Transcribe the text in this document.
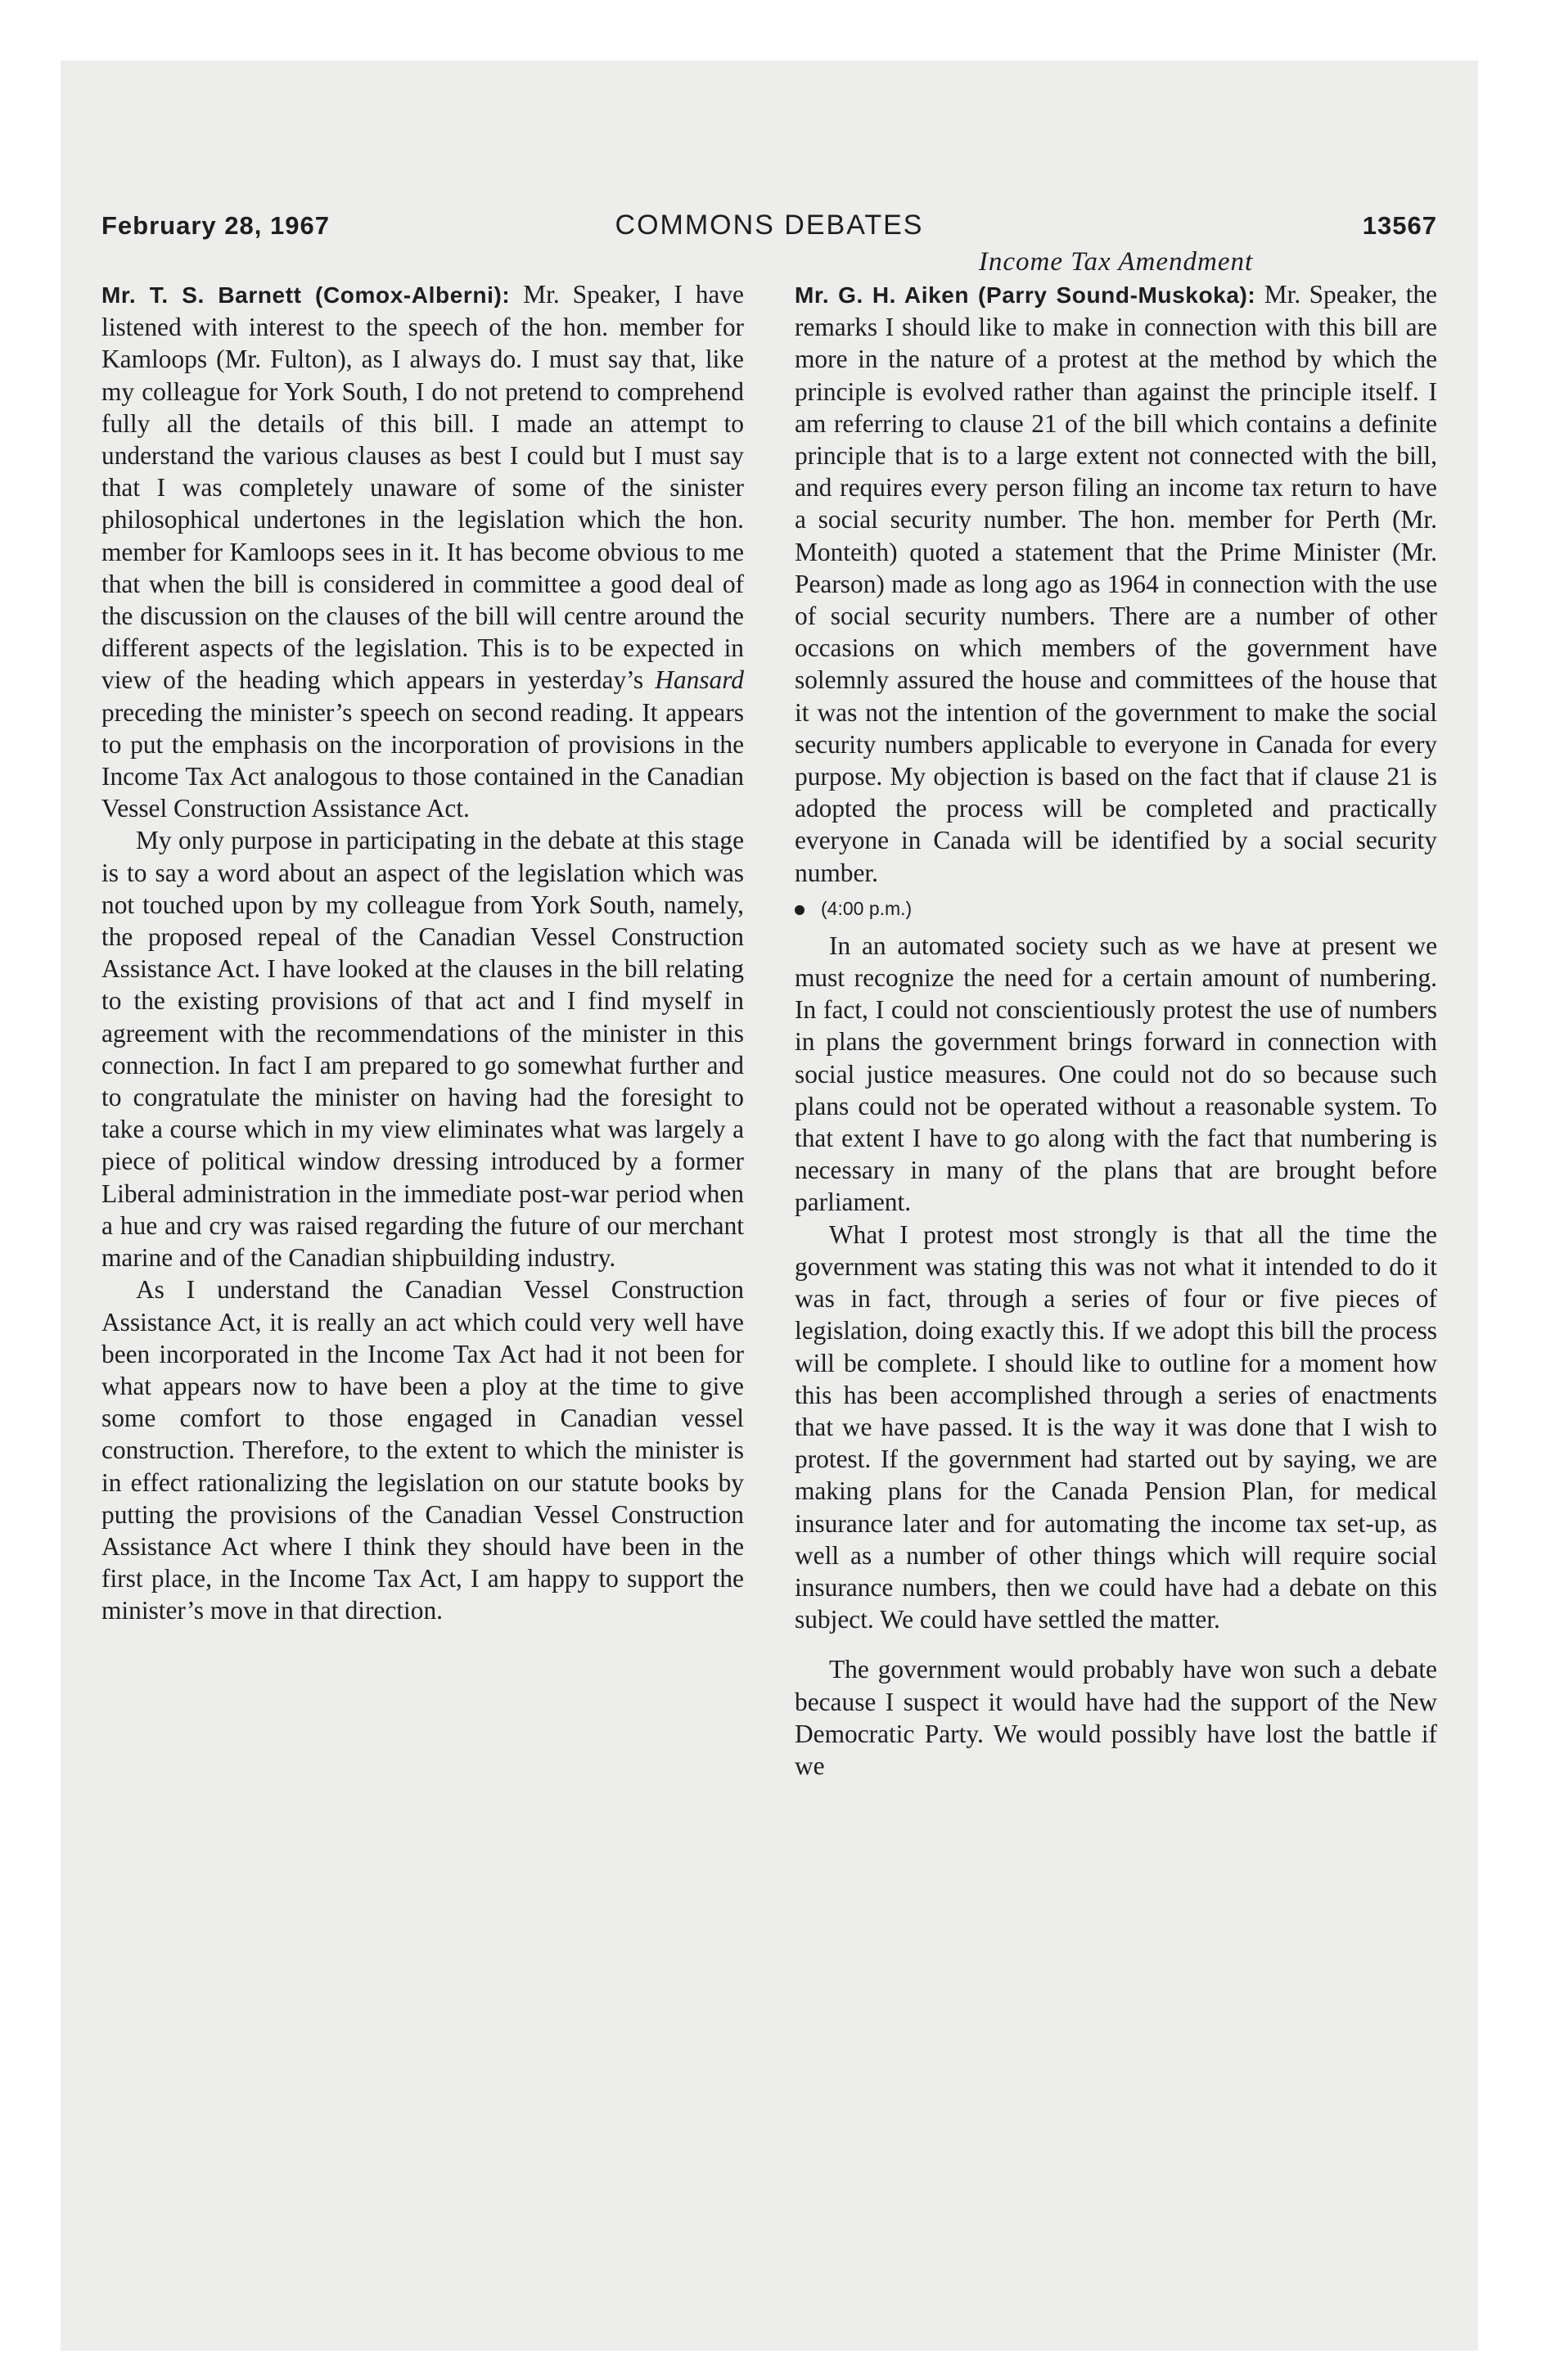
February 28, 1967	COMMONS DEBATES	13567

Mr. T. S. Barnett (Comox-Alberni): Mr. Speaker, I have listened with interest to the speech of the hon. member for Kamloops (Mr. Fulton), as I always do. I must say that, like my colleague for York South, I do not pretend to comprehend fully all the details of this bill. I made an attempt to understand the various clauses as best I could but I must say that I was completely unaware of some of the sinister philosophical undertones in the legislation which the hon. member for Kamloops sees in it. It has become obvious to me that when the bill is considered in committee a good deal of the discussion on the clauses of the bill will centre around the different aspects of the legislation. This is to be expected in view of the heading which appears in yesterday’s Hansard preceding the minister’s speech on second reading. It appears to put the emphasis on the incorporation of provisions in the Income Tax Act analogous to those contained in the Canadian Vessel Construction Assistance Act.

My only purpose in participating in the debate at this stage is to say a word about an aspect of the legislation which was not touched upon by my colleague from York South, namely, the proposed repeal of the Canadian Vessel Construction Assistance Act. I have looked at the clauses in the bill relating to the existing provisions of that act and I find myself in agreement with the recommendations of the minister in this connection. In fact I am prepared to go somewhat further and to congratulate the minister on having had the foresight to take a course which in my view eliminates what was largely a piece of political window dressing introduced by a former Liberal administration in the immediate post-war period when a hue and cry was raised regarding the future of our merchant marine and of the Canadian shipbuilding industry.

As I understand the Canadian Vessel Construction Assistance Act, it is really an act which could very well have been incorporated in the Income Tax Act had it not been for what appears now to have been a ploy at the time to give some comfort to those engaged in Canadian vessel construction. Therefore, to the extent to which the minister is in effect rationalizing the legislation on our statute books by putting the provisions of the Canadian Vessel Construction Assistance Act where I think they should have been in the first place, in the Income Tax Act, I am happy to support the minister’s move in that direction.

Income Tax Amendment

Mr. G. H. Aiken (Parry Sound-Muskoka): Mr. Speaker, the remarks I should like to make in connection with this bill are more in the nature of a protest at the method by which the principle is evolved rather than against the principle itself. I am referring to clause 21 of the bill which contains a definite principle that is to a large extent not connected with the bill, and requires every person filing an income tax return to have a social security number. The hon. member for Perth (Mr. Monteith) quoted a statement that the Prime Minister (Mr. Pearson) made as long ago as 1964 in connection with the use of social security numbers. There are a number of other occasions on which members of the government have solemnly assured the house and committees of the house that it was not the intention of the government to make the social security numbers applicable to everyone in Canada for every purpose. My objection is based on the fact that if clause 21 is adopted the process will be completed and practically everyone in Canada will be identified by a social security number.

(4:00 p.m.)

In an automated society such as we have at present we must recognize the need for a certain amount of numbering. In fact, I could not conscientiously protest the use of numbers in plans the government brings forward in connection with social justice measures. One could not do so because such plans could not be operated without a reasonable system. To that extent I have to go along with the fact that numbering is necessary in many of the plans that are brought before parliament.

What I protest most strongly is that all the time the government was stating this was not what it intended to do it was in fact, through a series of four or five pieces of legislation, doing exactly this. If we adopt this bill the process will be complete. I should like to outline for a moment how this has been accomplished through a series of enactments that we have passed. It is the way it was done that I wish to protest. If the government had started out by saying, we are making plans for the Canada Pension Plan, for medical insurance later and for automating the income tax set-up, as well as a number of other things which will require social insurance numbers, then we could have had a debate on this subject. We could have settled the matter.

The government would probably have won such a debate because I suspect it would have had the support of the New Democratic Party. We would possibly have lost the battle if we
